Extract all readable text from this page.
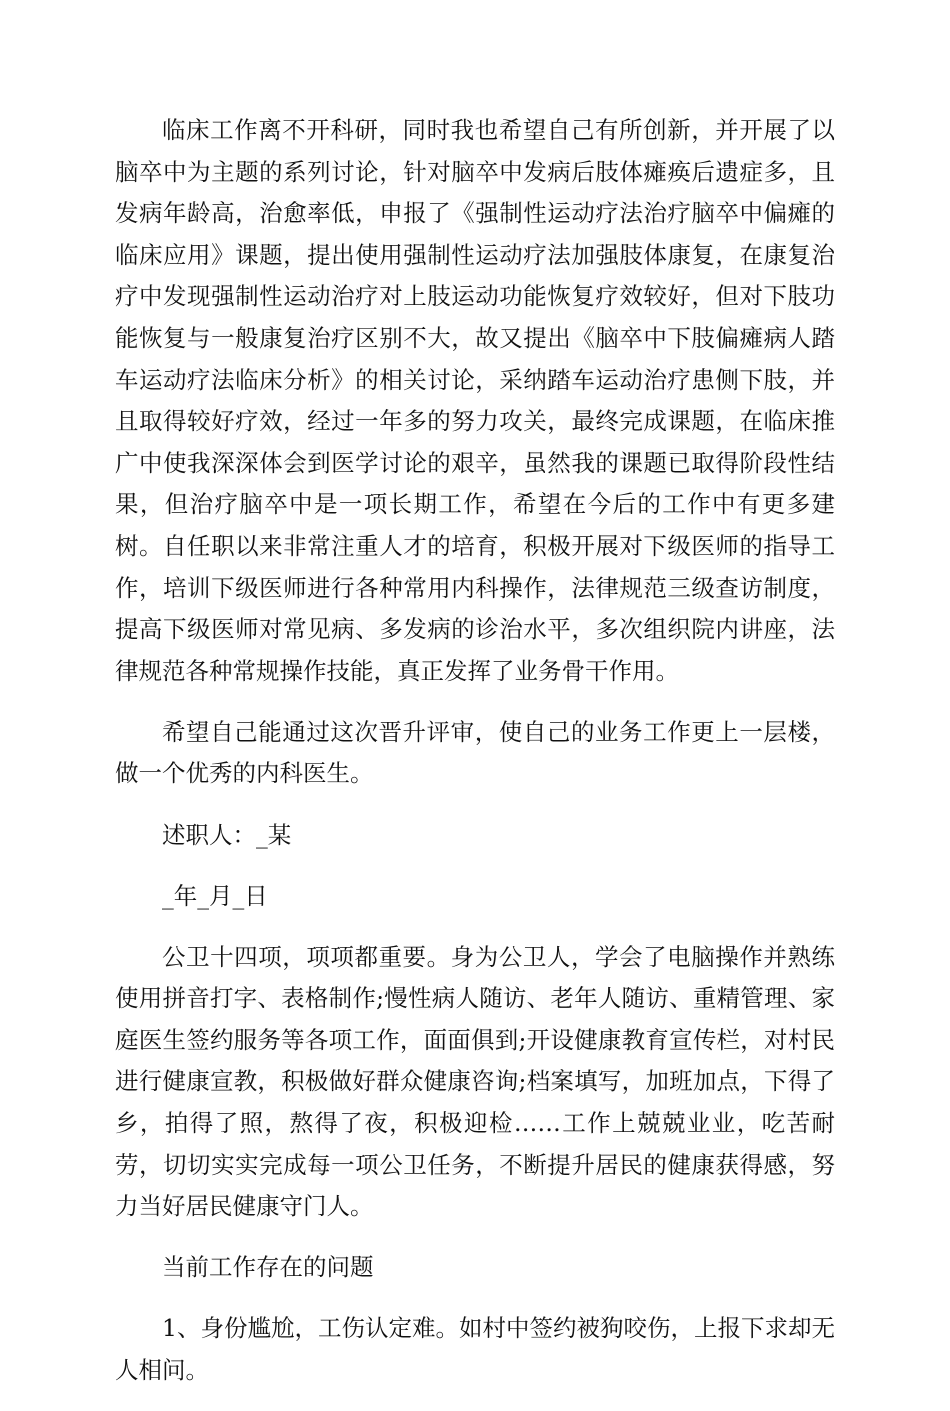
临床工作离不开科研，同时我也希望自己有所创新，并开展了以脑卒中为主题的系列讨论，针对脑卒中发病后肢体瘫痪后遗症多，且发病年龄高，治愈率低，申报了《强制性运动疗法治疗脑卒中偏瘫的临床应用》课题，提出使用强制性运动疗法加强肢体康复，在康复治疗中发现强制性运动治疗对上肢运动功能恢复疗效较好，但对下肢功能恢复与一般康复治疗区别不大，故又提出《脑卒中下肢偏瘫病人踏车运动疗法临床分析》的相关讨论，采纳踏车运动治疗患侧下肢，并且取得较好疗效，经过一年多的努力攻关，最终完成课题，在临床推广中使我深深体会到医学讨论的艰辛，虽然我的课题已取得阶段性结果，但治疗脑卒中是一项长期工作，希望在今后的工作中有更多建树。自任职以来非常注重人才的培育，积极开展对下级医师的指导工作，培训下级医师进行各种常用内科操作，法律规范三级查访制度，提高下级医师对常见病、多发病的诊治水平，多次组织院内讲座，法律规范各种常规操作技能，真正发挥了业务骨干作用。

希望自己能通过这次晋升评审，使自己的业务工作更上一层楼，做一个优秀的内科医生。

述职人：_某

_年_月_日

公卫十四项，项项都重要。身为公卫人，学会了电脑操作并熟练使用拼音打字、表格制作;慢性病人随访、老年人随访、重精管理、家庭医生签约服务等各项工作，面面俱到;开设健康教育宣传栏，对村民进行健康宣教，积极做好群众健康咨询;档案填写，加班加点，下得了乡，拍得了照，熬得了夜，积极迎检……工作上兢兢业业，吃苦耐劳，切切实实完成每一项公卫任务，不断提升居民的健康获得感，努力当好居民健康守门人。

当前工作存在的问题

1、身份尴尬，工伤认定难。如村中签约被狗咬伤，上报下求却无人相问。
